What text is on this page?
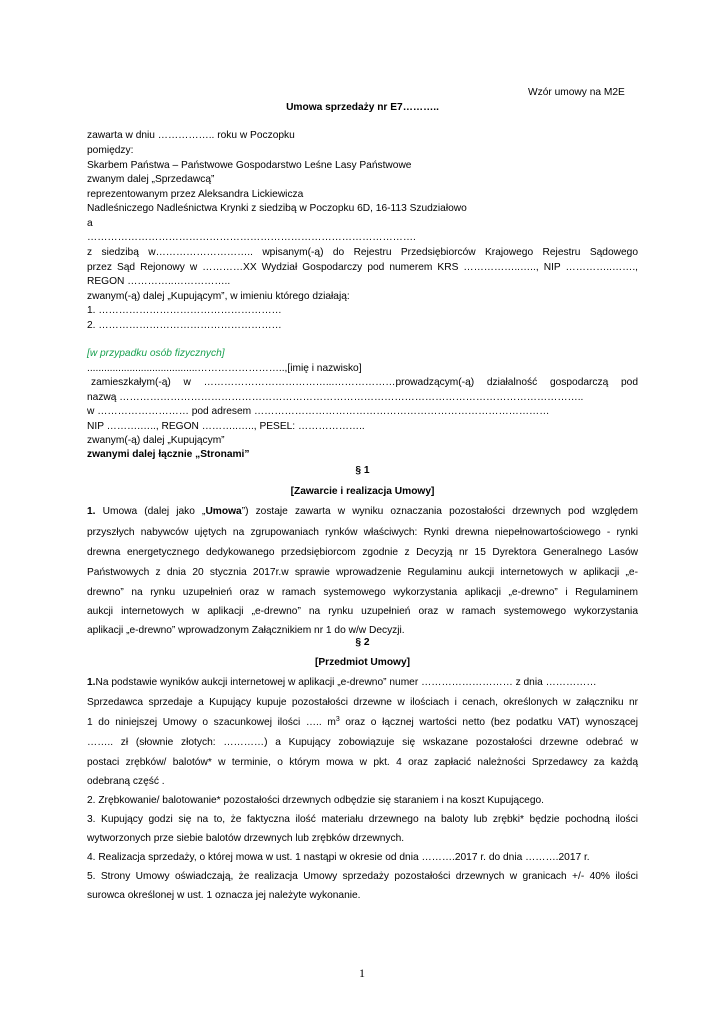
Wzór umowy na M2E
Umowa sprzedaży nr E7………..
zawarta w dniu …………….. roku w Poczopku
pomiędzy:
Skarbem Państwa – Państwowe Gospodarstwo Leśne Lasy Państwowe
zwanym dalej „Sprzedawcą”
reprezentowanym przez Aleksandra Lickiewicza
Nadleśniczego Nadleśnictwa Krynki z siedzibą w Poczopku 6D, 16-113 Szudziałowo
a
…………………………………………………………………………………….
z siedzibą w……………………….. wpisanym(-ą) do Rejestru Przedsiębiorców Krajowego Rejestru Sądowego
przez Sąd Rejonowy w …………XX Wydział Gospodarczy pod numerem KRS ……………..….., NIP …………..…….,
REGON …………..……………..
zwanym(-ą) dalej „Kupującym”, w imieniu którego działają:
1. ………………………………………………
2. ………………………………………………
[w przypadku osób fizycznych]
.......................................……………………..,[imię i nazwisko]
zamieszkałym(-ą) w ………………………………...………………prowadzącym(-ą) działalność gospodarczą pod
nazwą ………………………………………………………………………………………………………………………..
w ……………………… pod adresem ……………………………………………………………………………
NIP ……….….., REGON ………..….., PESEL: ………………..
zwanym(-ą) dalej „Kupującym”
zwanymi dalej łącznie „Stronami”
§ 1
[Zawarcie i realizacja Umowy]
1. Umowa (dalej jako „Umowa”) zostaje zawarta w wyniku oznaczania pozostałości drzewnych pod względem
przyszłych nabywców ujętych na zgrupowaniach rynków właściwych: Rynki drewna niepełnowartościowego - rynki
drewna energetycznego dedykowanego przedsiębiorcom zgodnie z Decyzją nr 15 Dyrektora Generalnego Lasów
Państwowych z dnia 20 stycznia 2017r.w sprawie wprowadzenie Regulaminu aukcji internetowych w aplikacji „e-
drewno” na rynku uzupełnień oraz w ramach systemowego wykorzystania aplikacji „e-drewno” i Regulaminem
aukcji internetowych w aplikacji „e-drewno” na rynku uzupełnień oraz w ramach systemowego wykorzystania
aplikacji „e-drewno” wprowadzonym Załącznikiem nr 1 do w/w Decyzji.
§ 2
[Przedmiot Umowy]
1.Na podstawie wyników aukcji internetowej w aplikacji „e-drewno” numer ……………………… z dnia ……………
Sprzedawca sprzedaje a Kupujący kupuje pozostałości drzewne w ilościach i cenach, określonych w załączniku nr
1 do niniejszej Umowy o szacunkowej ilości ….. $m^3$ oraz o łącznej wartości netto (bez podatku VAT) wynoszącej
…….. zł (słownie złotych: …………) a Kupujący zobowiązuje się wskazane pozostałości drzewne odebrać w
postaci zrębków/ balotów* w terminie, o którym mowa w pkt. 4 oraz zapłacić należności Sprzedawcy za każdą
odebraną część .
2. Zrębkowanie/ balotowanie* pozostałości drzewnych odbędzie się staraniem i na koszt Kupującego.
3. Kupujący godzi się na to, że faktyczna ilość materiału drzewnego na baloty lub zrębki* będzie pochodną ilości
wytworzonych prze siebie balotów drzewnych lub zrębków drzewnych.
4. Realizacja sprzedaży, o której mowa w ust. 1 nastąpi w okresie od dnia ……….2017 r. do dnia ……….2017 r.
5. Strony Umowy oświadczają, że realizacja Umowy sprzedaży pozostałości drzewnych w granicach +/- 40% ilości
surowca określonej w ust. 1 oznacza jej należyte wykonanie.
1
